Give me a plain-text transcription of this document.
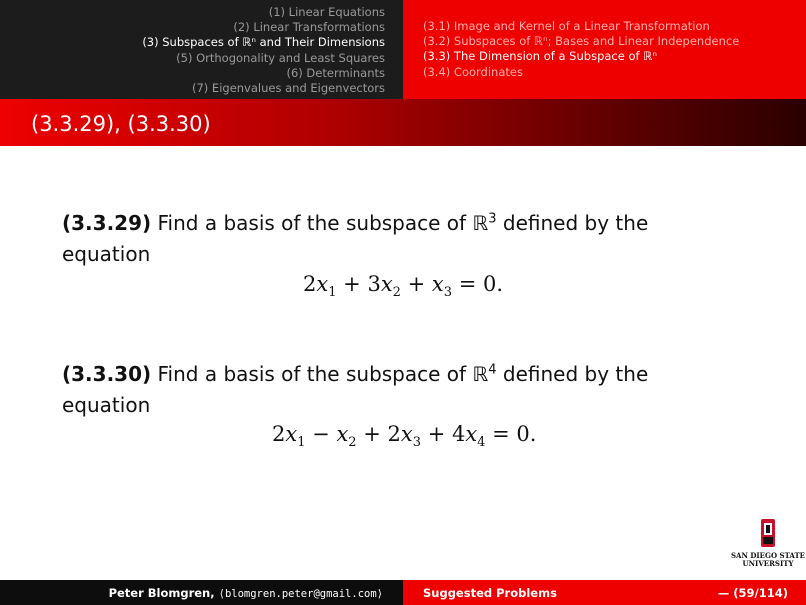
(1) Linear Equations
(2) Linear Transformations
(3) Subspaces of ℝⁿ and Their Dimensions
(5) Orthogonality and Least Squares
(6) Determinants
(7) Eigenvalues and Eigenvectors
(3.1) Image and Kernel of a Linear Transformation
(3.2) Subspaces of ℝⁿ; Bases and Linear Independence
(3.3) The Dimension of a Subspace of ℝⁿ
(3.4) Coordinates
(3.3.29), (3.3.30)
(3.3.29) Find a basis of the subspace of ℝ$^3$ defined by the equation
$2x_1 + 3x_2 + x_3 = 0$.
(3.3.30) Find a basis of the subspace of ℝ$^4$ defined by the equation
$2x_1 - x_2 + 2x_3 + 4x_4 = 0$.
SAN DIEGO STATE
UNIVERSITY
Peter Blomgren, ⟨blomgren.peter@gmail.com⟩	Suggested Problems	— (59/114)
